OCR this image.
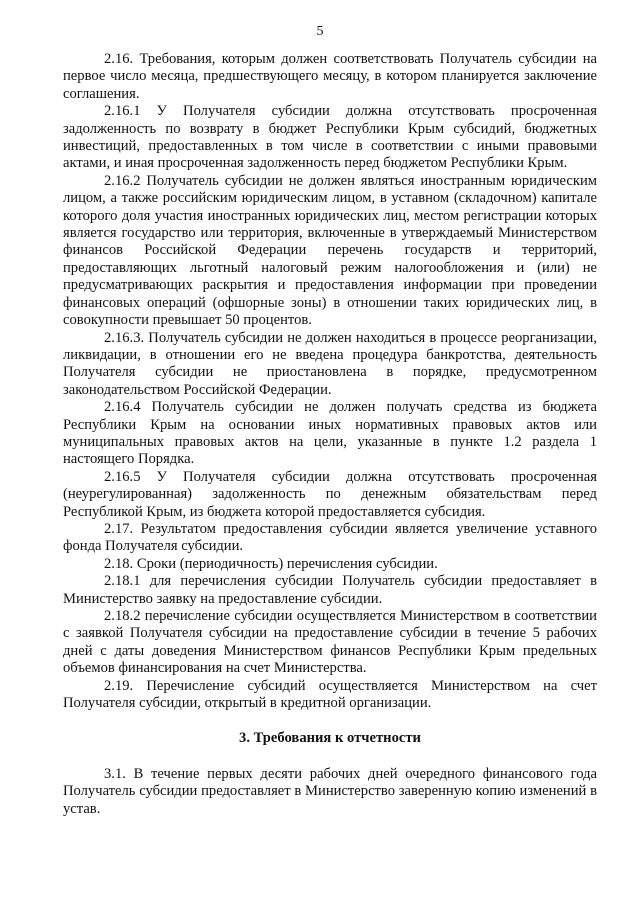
5

2.16. Требования, которым должен соответствовать Получатель субсидии на первое число месяца, предшествующего месяцу, в котором планируется заключение соглашения.

2.16.1 У Получателя субсидии должна отсутствовать просроченная задолженность по возврату в бюджет Республики Крым субсидий, бюджетных инвестиций, предоставленных в том числе в соответствии с иными правовыми актами, и иная просроченная задолженность перед бюджетом Республики Крым.

2.16.2 Получатель субсидии не должен являться иностранным юридическим лицом, а также российским юридическим лицом, в уставном (складочном) капитале которого доля участия иностранных юридических лиц, местом регистрации которых является государство или территория, включенные в утверждаемый Министерством финансов Российской Федерации перечень государств и территорий, предоставляющих льготный налоговый режим налогообложения и (или) не предусматривающих раскрытия и предоставления информации при проведении финансовых операций (офшорные зоны) в отношении таких юридических лиц, в совокупности превышает 50 процентов.

2.16.3. Получатель субсидии не должен находиться в процессе реорганизации, ликвидации, в отношении его не введена процедура банкротства, деятельность Получателя субсидии не приостановлена в порядке, предусмотренном законодательством Российской Федерации.

2.16.4 Получатель субсидии не должен получать средства из бюджета Республики Крым на основании иных нормативных правовых актов или муниципальных правовых актов на цели, указанные в пункте 1.2 раздела 1 настоящего Порядка.

2.16.5 У Получателя субсидии должна отсутствовать просроченная (неурегулированная) задолженность по денежным обязательствам перед Республикой Крым, из бюджета которой предоставляется субсидия.

2.17. Результатом предоставления субсидии является увеличение уставного фонда Получателя субсидии.

2.18. Сроки (периодичность) перечисления субсидии.

2.18.1 для перечисления субсидии Получатель субсидии предоставляет в Министерство заявку на предоставление субсидии.

2.18.2 перечисление субсидии осуществляется Министерством в соответствии с заявкой Получателя субсидии на предоставление субсидии в течение 5 рабочих дней с даты доведения Министерством финансов Республики Крым предельных объемов финансирования на счет Министерства.

2.19. Перечисление субсидий осуществляется Министерством на счет Получателя субсидии, открытый в кредитной организации.

3. Требования к отчетности

3.1. В течение первых десяти рабочих дней очередного финансового года Получатель субсидии предоставляет в Министерство заверенную копию изменений в устав.
